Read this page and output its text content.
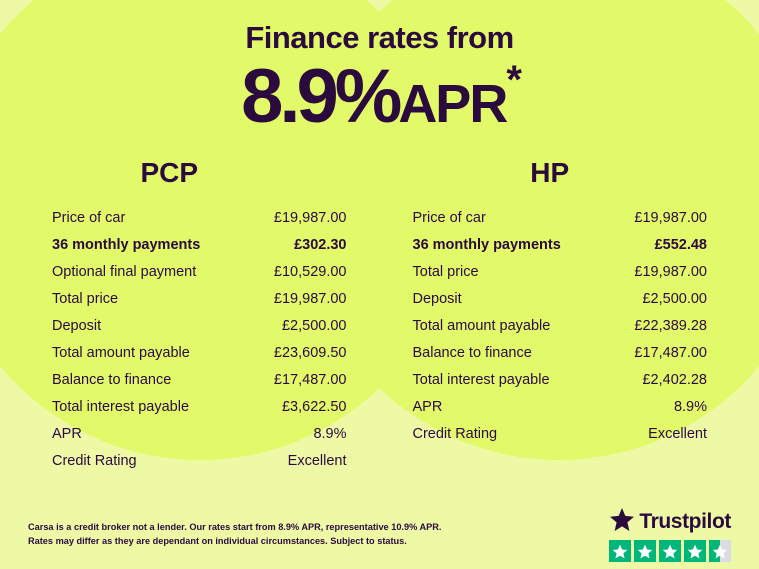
Finance rates from
8.9%APR*
PCP
Price of car	£19,987.00
36 monthly payments	£302.30
Optional final payment	£10,529.00
Total price	£19,987.00
Deposit	£2,500.00
Total amount payable	£23,609.50
Balance to finance	£17,487.00
Total interest payable	£3,622.50
APR	8.9%
Credit Rating	Excellent
HP
Price of car	£19,987.00
36 monthly payments	£552.48
Total price	£19,987.00
Deposit	£2,500.00
Total amount payable	£22,389.28
Balance to finance	£17,487.00
Total interest payable	£2,402.28
APR	8.9%
Credit Rating	Excellent
Carsa is a credit broker not a lender. Our rates start from 8.9% APR, representative 10.9% APR.
Rates may differ as they are dependant on individual circumstances. Subject to status.
Trustpilot
